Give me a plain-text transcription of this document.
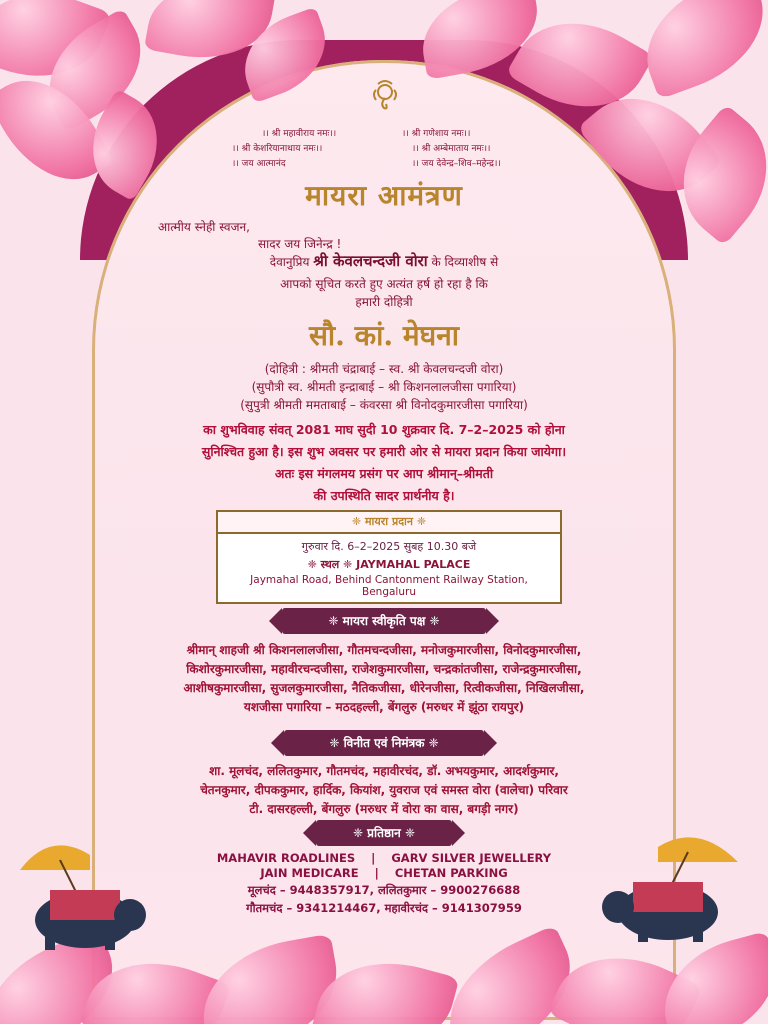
।। श्री महावीराय नमः।।
।। श्री केशरियानाथाय नमः।।
।। जय आत्मानंद
।। श्री गणेशाय नमः।।
।। श्री अम्बेमाताय नमः।।
।। जय देवेन्द्र–शिव–महेन्द्र।।
मायरा आमंत्रण
आत्मीय स्नेही स्वजन,
सादर जय जिनेन्द्र !
देवानुप्रिय श्री केवलचन्दजी वोरा के दिव्याशीष से
आपको सूचित करते हुए अत्यंत हर्ष हो रहा है कि
हमारी दोहित्री
सौ. कां. मेघना
(दोहित्री : श्रीमती चंद्राबाई – स्व. श्री केवलचन्दजी वोरा)
(सुपौत्री स्व. श्रीमती इन्द्राबाई – श्री किशनलालजीसा पगारिया)
(सुपुत्री श्रीमती ममताबाई – कंवरसा श्री विनोदकुमारजीसा पगारिया)
का शुभविवाह संवत् 2081 माघ सुदी 10 शुक्रवार दि. 7–2–2025 को होना
सुनिश्चित हुआ है। इस शुभ अवसर पर हमारी ओर से मायरा प्रदान किया जायेगा।
अतः इस मंगलमय प्रसंग पर आप श्रीमान्–श्रीमती
की उपस्थिति सादर प्रार्थनीय है।
❈ मायरा प्रदान ❈
गुरुवार दि. 6–2–2025 सुबह 10.30 बजे
❈ स्थल ❈ JAYMAHAL PALACE
Jaymahal Road, Behind Cantonment Railway Station,
Bengaluru
❈ मायरा स्वीकृति पक्ष ❈
श्रीमान् शाहजी श्री किशनलालजीसा, गौतमचन्दजीसा, मनोजकुमारजीसा, विनोदकुमारजीसा,
किशोरकुमारजीसा, महावीरचन्दजीसा, राजेशकुमारजीसा, चन्द्रकांतजीसा, राजेन्द्रकुमारजीसा,
आशीषकुमारजीसा, सुजलकुमारजीसा, नैतिकजीसा, धीरेनजीसा, रित्वीकजीसा, निखिलजीसा,
यशजीसा पगारिया – मठदहल्ली, बेंगलुरु (मरुधर में झूंठा रायपुर)
❈ विनीत एवं निमंत्रक ❈
शा. मूलचंद, ललितकुमार, गौतमचंद, महावीरचंद, डॉ. अभयकुमार, आदर्शकुमार,
चेतनकुमार, दीपककुमार, हार्दिक, कियांश, युवराज एवं समस्त वोरा (वालेचा) परिवार
टी. दासरहल्ली, बेंगलुरु (मरुधर में वोरा का वास, बगड़ी नगर)
❈ प्रतिष्ठान ❈
MAHAVIR ROADLINES    |    GARV SILVER JEWELLERY
JAIN MEDICARE    |    CHETAN PARKING
मूलचंद – 9448357917, ललितकुमार – 9900276688
गौतमचंद – 9341214467, महावीरचंद – 9141307959
